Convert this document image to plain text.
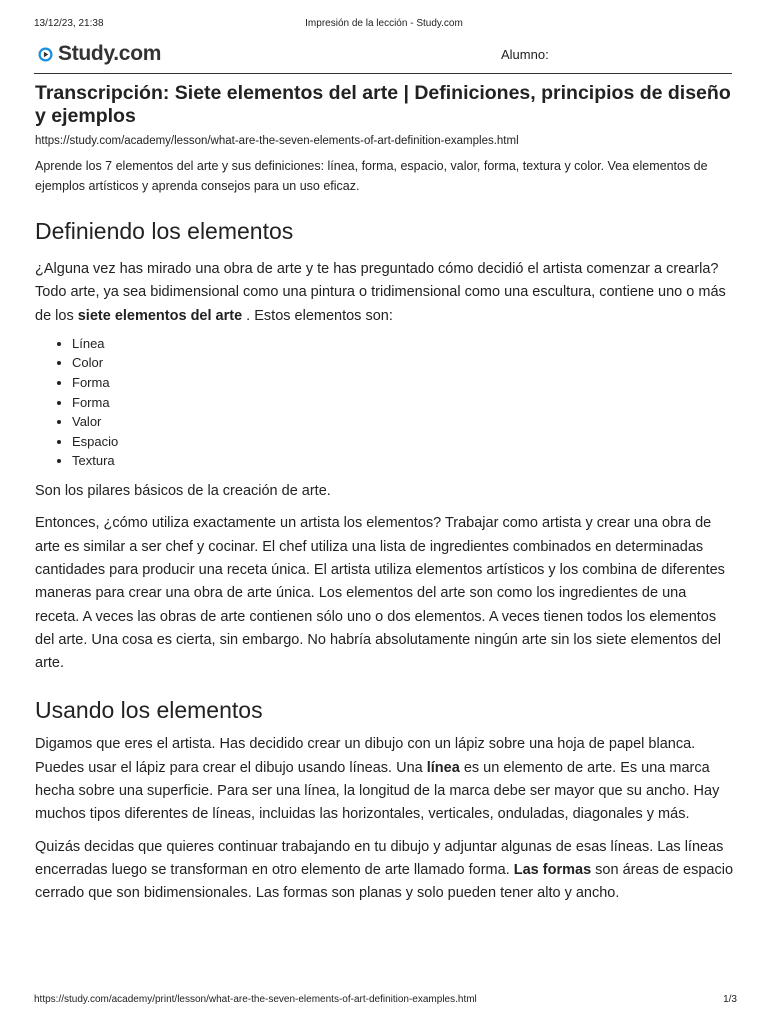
13/12/23, 21:38	Impresión de la lección - Study.com
Study.com	Alumno:
Transcripción: Siete elementos del arte | Definiciones, principios de diseño y ejemplos
https://study.com/academy/lesson/what-are-the-seven-elements-of-art-definition-examples.html
Aprende los 7 elementos del arte y sus definiciones: línea, forma, espacio, valor, forma, textura y color. Vea elementos de ejemplos artísticos y aprenda consejos para un uso eficaz.
Definiendo los elementos

¿Alguna vez has mirado una obra de arte y te has preguntado cómo decidió el artista comenzar a crearla? Todo arte, ya sea bidimensional como una pintura o tridimensional como una escultura, contiene uno o más de los siete elementos del arte . Estos elementos son:

• Línea
• Color
• Forma
• Forma
• Valor
• Espacio
• Textura

Son los pilares básicos de la creación de arte.

Entonces, ¿cómo utiliza exactamente un artista los elementos? Trabajar como artista y crear una obra de arte es similar a ser chef y cocinar. El chef utiliza una lista de ingredientes combinados en determinadas cantidades para producir una receta única. El artista utiliza elementos artísticos y los combina de diferentes maneras para crear una obra de arte única. Los elementos del arte son como los ingredientes de una receta. A veces las obras de arte contienen sólo uno o dos elementos. A veces tienen todos los elementos del arte. Una cosa es cierta, sin embargo. No habría absolutamente ningún arte sin los siete elementos del arte.

Usando los elementos

Digamos que eres el artista. Has decidido crear un dibujo con un lápiz sobre una hoja de papel blanca. Puedes usar el lápiz para crear el dibujo usando líneas. Una línea es un elemento de arte. Es una marca hecha sobre una superficie. Para ser una línea, la longitud de la marca debe ser mayor que su ancho. Hay muchos tipos diferentes de líneas, incluidas las horizontales, verticales, onduladas, diagonales y más.

Quizás decidas que quieres continuar trabajando en tu dibujo y adjuntar algunas de esas líneas. Las líneas encerradas luego se transforman en otro elemento de arte llamado forma. Las formas son áreas de espacio cerrado que son bidimensionales. Las formas son planas y solo pueden tener alto y ancho.

https://study.com/academy/print/lesson/what-are-the-seven-elements-of-art-definition-examples.html	1/3
